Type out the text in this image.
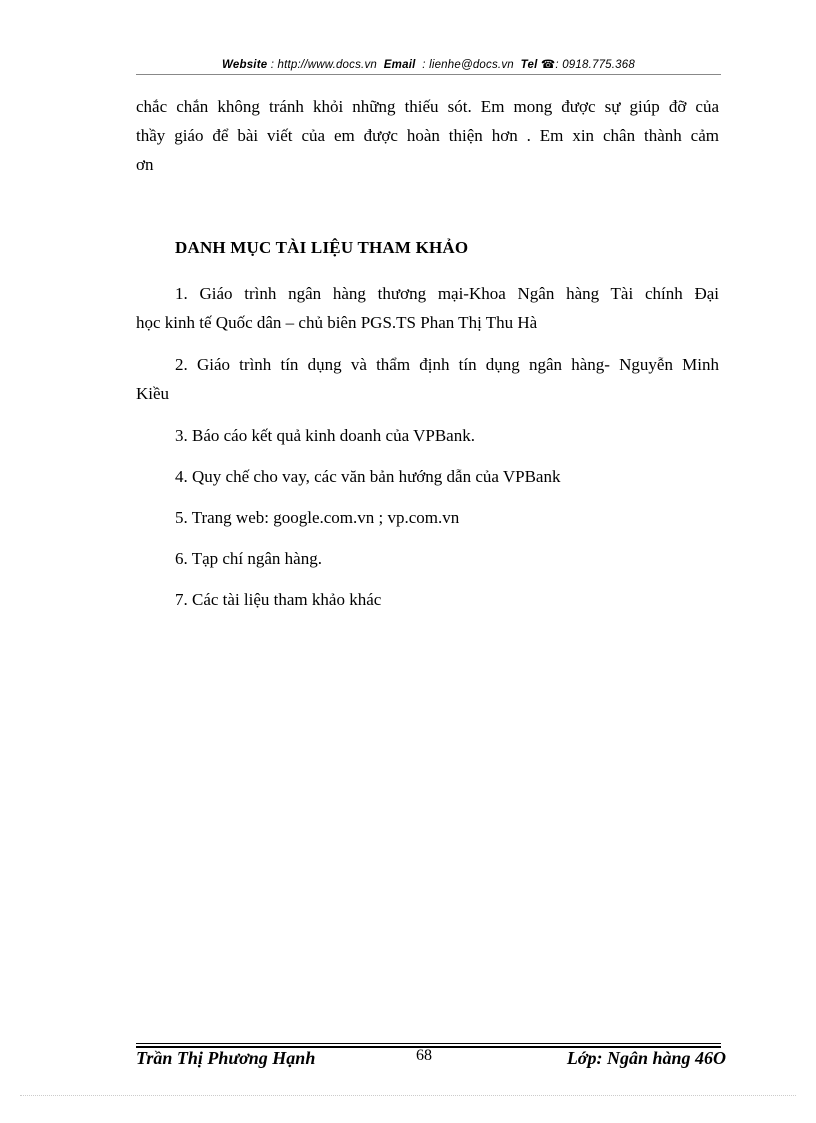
Website : http://www.docs.vn Email : lienhe@docs.vn Tel ☎: 0918.775.368
chắc chắn không tránh khỏi những thiếu sót. Em mong được sự giúp đỡ của
thầy giáo để bài viết của em được hoàn thiện hơn . Em xin chân thành cảm
ơn
DANH MỤC TÀI LIỆU THAM KHẢO
1. Giáo trình ngân hàng thương mại-Khoa Ngân hàng Tài chính Đại
học kinh tế Quốc dân – chủ biên PGS.TS Phan Thị Thu Hà
2. Giáo trình tín dụng và thẩm định tín dụng ngân hàng- Nguyễn Minh
Kiều
3. Báo cáo kết quả kinh doanh của VPBank.
4. Quy chế cho vay, các văn bản hướng dẫn của VPBank
5. Trang web: google.com.vn ; vp.com.vn
6. Tạp chí ngân hàng.
7. Các tài liệu tham khảo khác
Trần Thị Phương Hạnh	68	Lớp: Ngân hàng 46O
